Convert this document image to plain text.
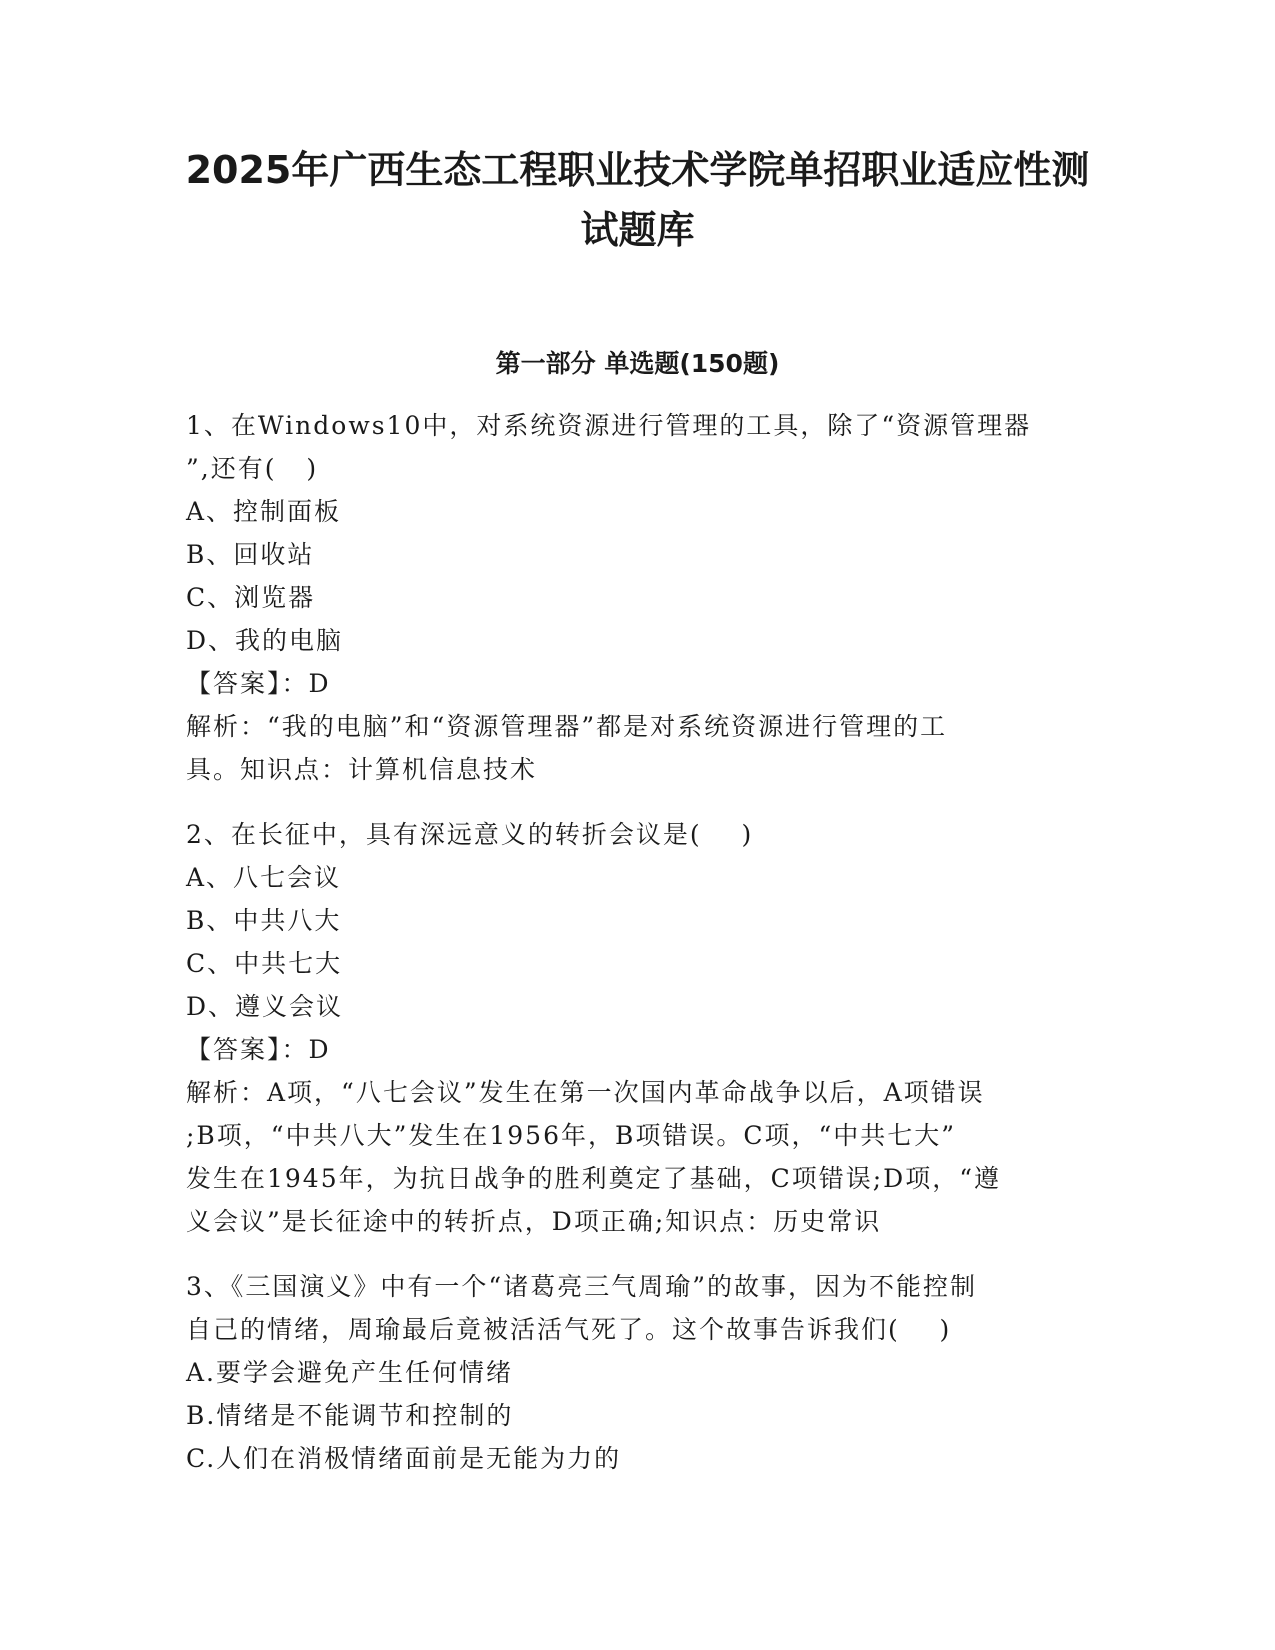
2025年广西生态工程职业技术学院单招职业适应性测
试题库
第一部分 单选题(150题)

1、在Windows10中，对系统资源进行管理的工具，除了“资源管理器

”,还有(   )

A、控制面板

B、回收站

C、浏览器

D、我的电脑

【答案】：D

解析：“我的电脑”和“资源管理器”都是对系统资源进行管理的工

具。知识点：计算机信息技术

2、在长征中，具有深远意义的转折会议是(    )

A、八七会议

B、中共八大

C、中共七大

D、遵义会议

【答案】：D

解析：A项，“八七会议”发生在第一次国内革命战争以后，A项错误

;B项，“中共八大”发生在1956年，B项错误。C项，“中共七大”

发生在1945年，为抗日战争的胜利奠定了基础，C项错误;D项，“遵

义会议”是长征途中的转折点，D项正确;知识点：历史常识

3、《三国演义》中有一个“诸葛亮三气周瑜”的故事，因为不能控制

自己的情绪，周瑜最后竟被活活气死了。这个故事告诉我们(    )

A.要学会避免产生任何情绪

B.情绪是不能调节和控制的

C.人们在消极情绪面前是无能为力的
